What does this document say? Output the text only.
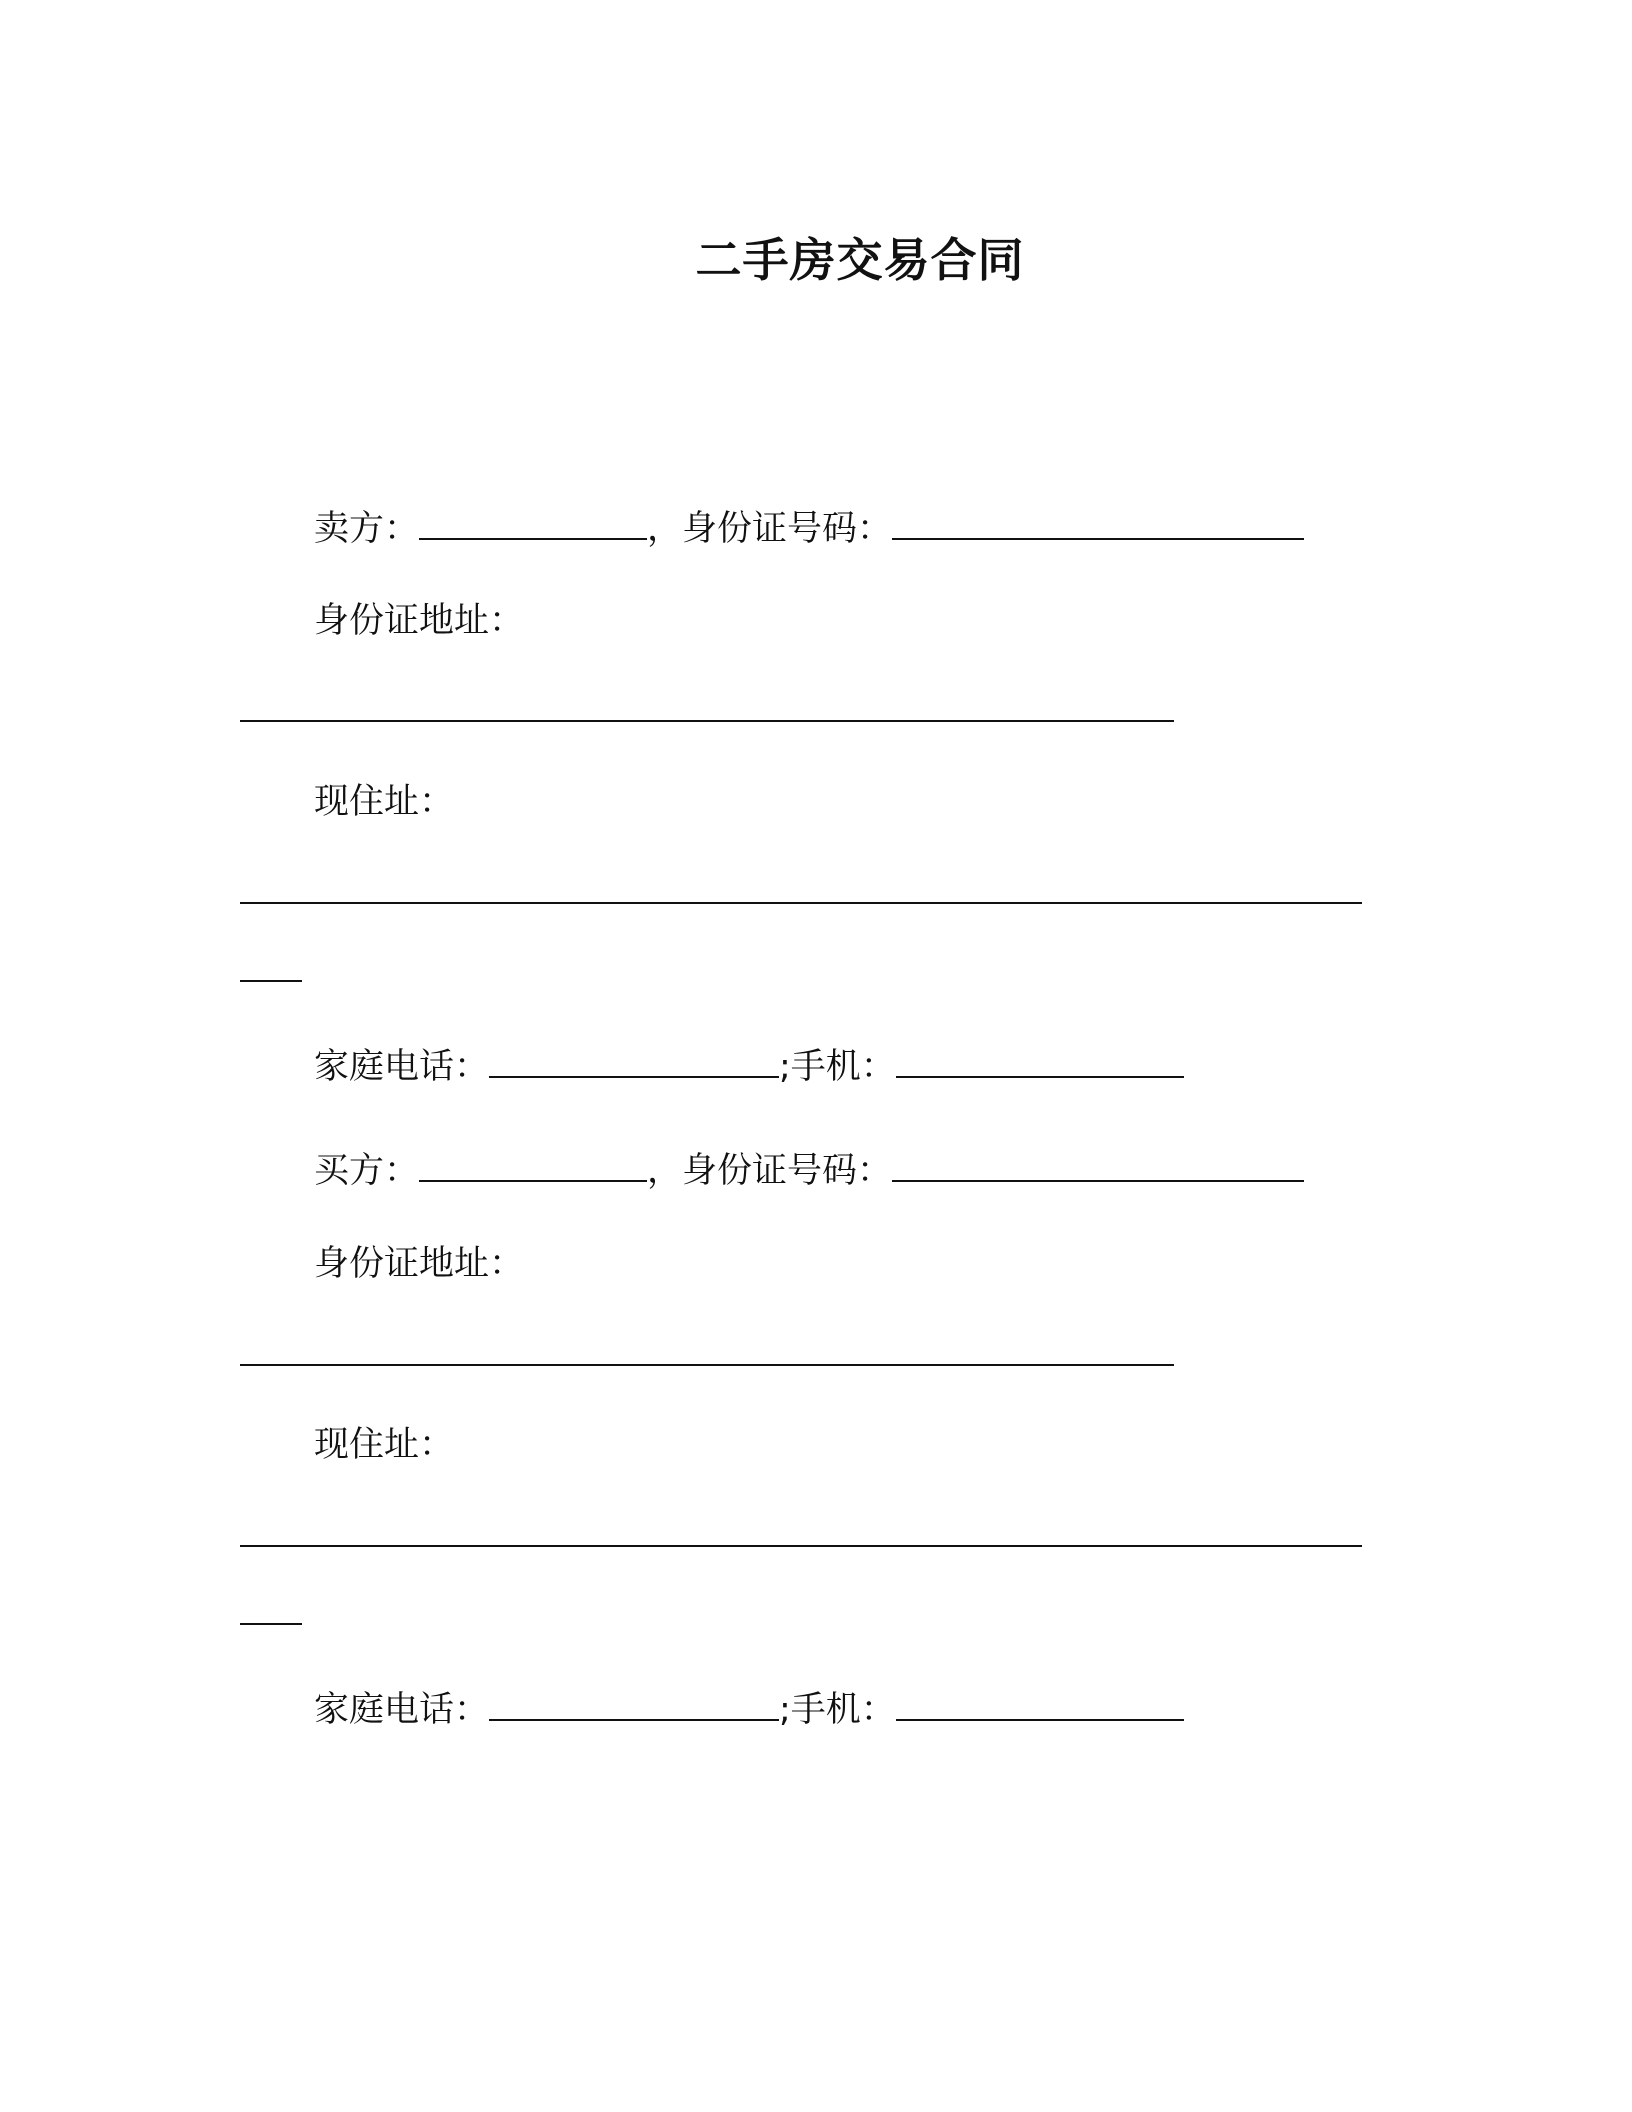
二手房交易合同
卖方：	，身份证号码：
身份证地址：
现住址：
家庭电话：	;手机：
买方：	，身份证号码：
身份证地址：
现住址：
家庭电话：	;手机：
